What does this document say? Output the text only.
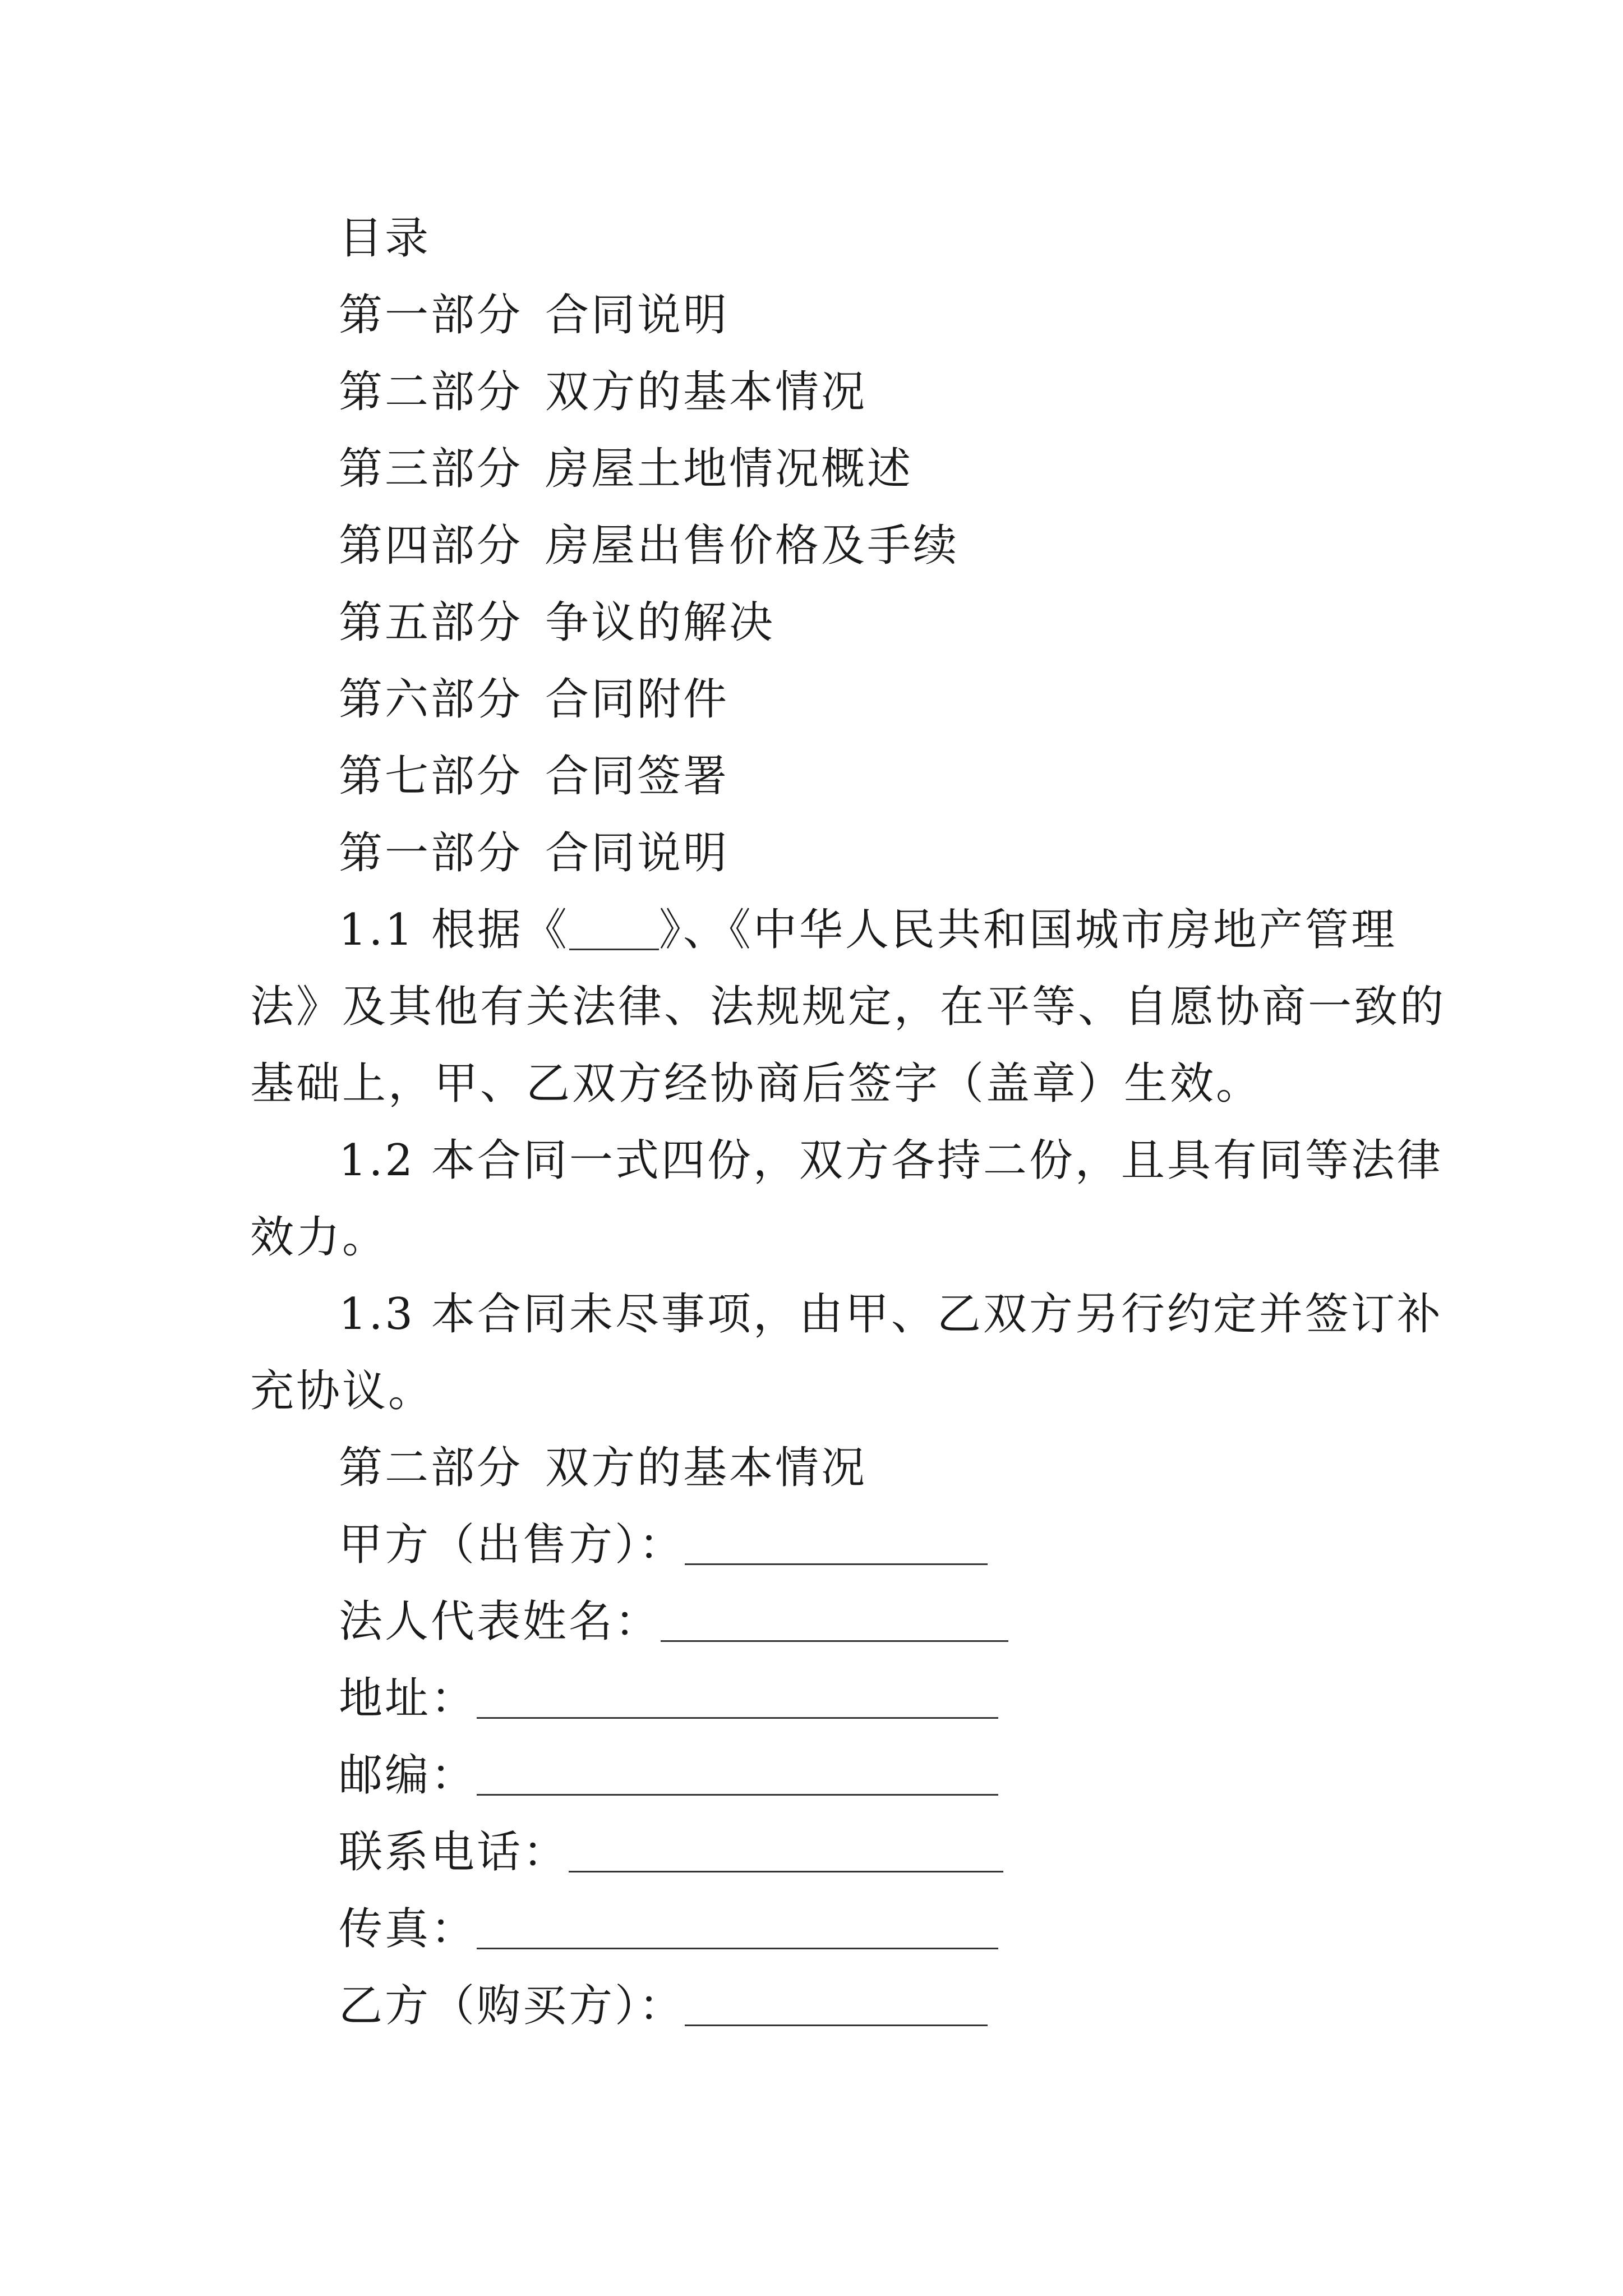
目录
第一部分 合同说明
第二部分 双方的基本情况
第三部分 房屋土地情况概述
第四部分 房屋出售价格及手续
第五部分 争议的解决
第六部分 合同附件
第七部分 合同签署
第一部分 合同说明
1.1 根据《 》、《中华人民共和国城市房地产管理
法》及其他有关法律、法规规定，在平等、自愿协商一致的
基础上，甲、乙双方经协商后签字（盖章）生效。
1.2 本合同一式四份，双方各持二份，且具有同等法律
效力。
1.3 本合同未尽事项，由甲、乙双方另行约定并签订补
充协议。
第二部分 双方的基本情况
甲方（出售方）：
法人代表姓名：
地址：
邮编：
联系电话：
传真：
乙方（购买方）：
